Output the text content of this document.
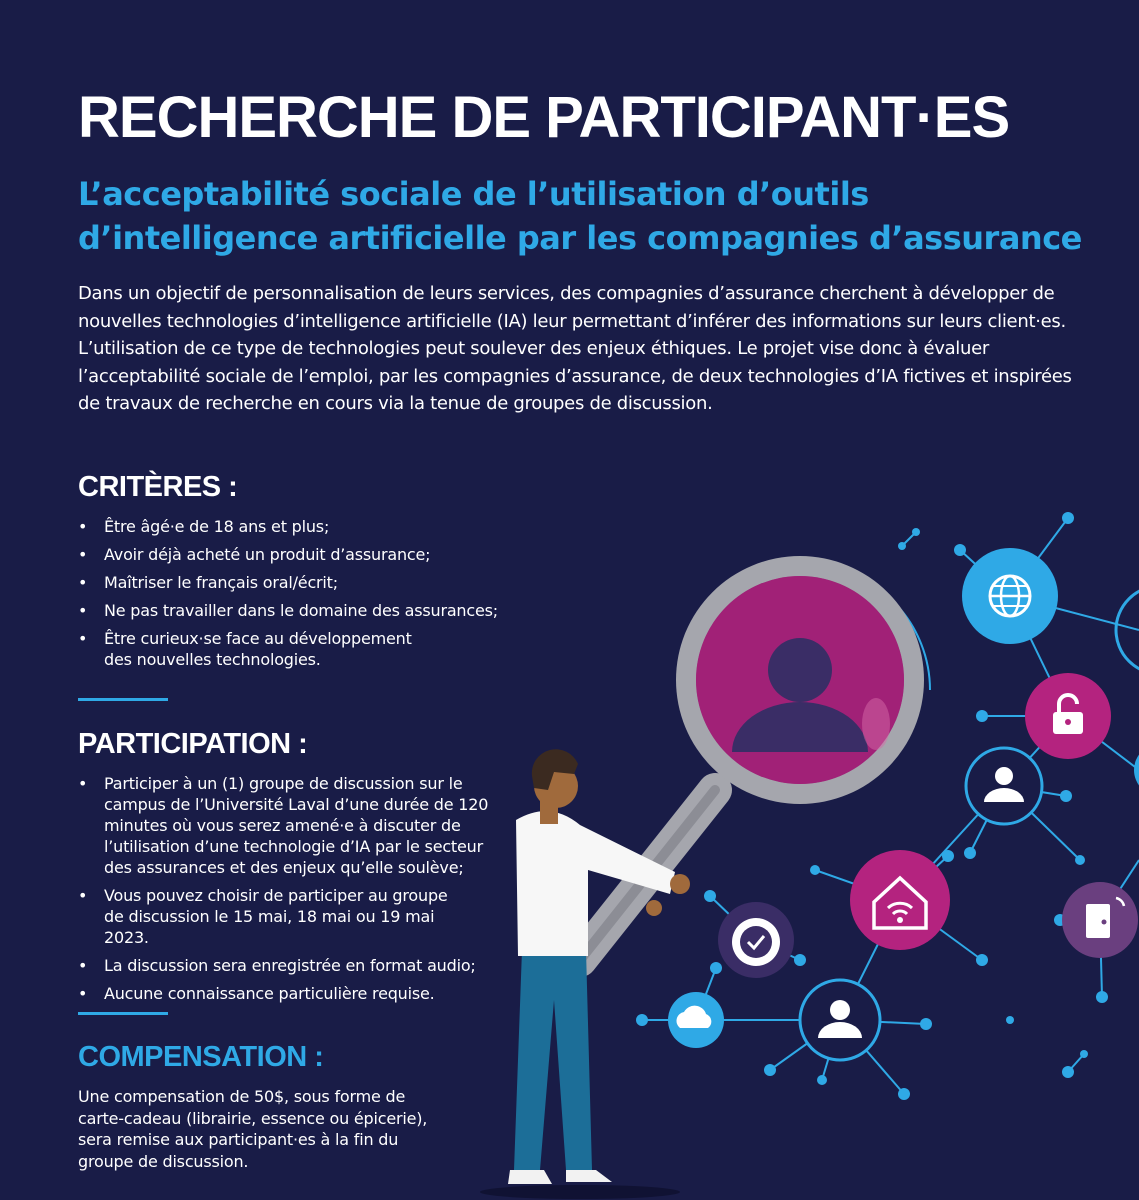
RECHERCHE DE PARTICIPANT·ES
L’acceptabilité sociale de l’utilisation d’outils d’intelligence artificielle par les compagnies d’assurance

Dans un objectif de personnalisation de leurs services, des compagnies d’assurance cherchent à développer de nouvelles technologies d’intelligence artificielle (IA) leur permettant d’inférer des informations sur leurs client·es. L’utilisation de ce type de technologies peut soulever des enjeux éthiques. Le projet vise donc à évaluer l’acceptabilité sociale de l’emploi, par les compagnies d’assurance, de deux technologies d’IA fictives et inspirées de travaux de recherche en cours via la tenue de groupes de discussion.

CRITÈRES :
• Être âgé·e de 18 ans et plus;
• Avoir déjà acheté un produit d’assurance;
• Maîtriser le français oral/écrit;
• Ne pas travailler dans le domaine des assurances;
• Être curieux·se face au développement des nouvelles technologies.
PARTICIPATION :
• Participer à un (1) groupe de discussion sur le campus de l’Université Laval d’une durée de 120 minutes où vous serez amené·e à discuter de l’utilisation d’une technologie d’IA par le secteur des assurances et des enjeux qu’elle soulève;
• Vous pouvez choisir de participer au groupe de discussion le 15 mai, 18 mai ou 19 mai 2023.
• La discussion sera enregistrée en format audio;
• Aucune connaissance particulière requise.
COMPENSATION :

Une compensation de 50$, sous forme de carte-cadeau (librairie, essence ou épicerie), sera remise aux participant·es à la fin du groupe de discussion.
